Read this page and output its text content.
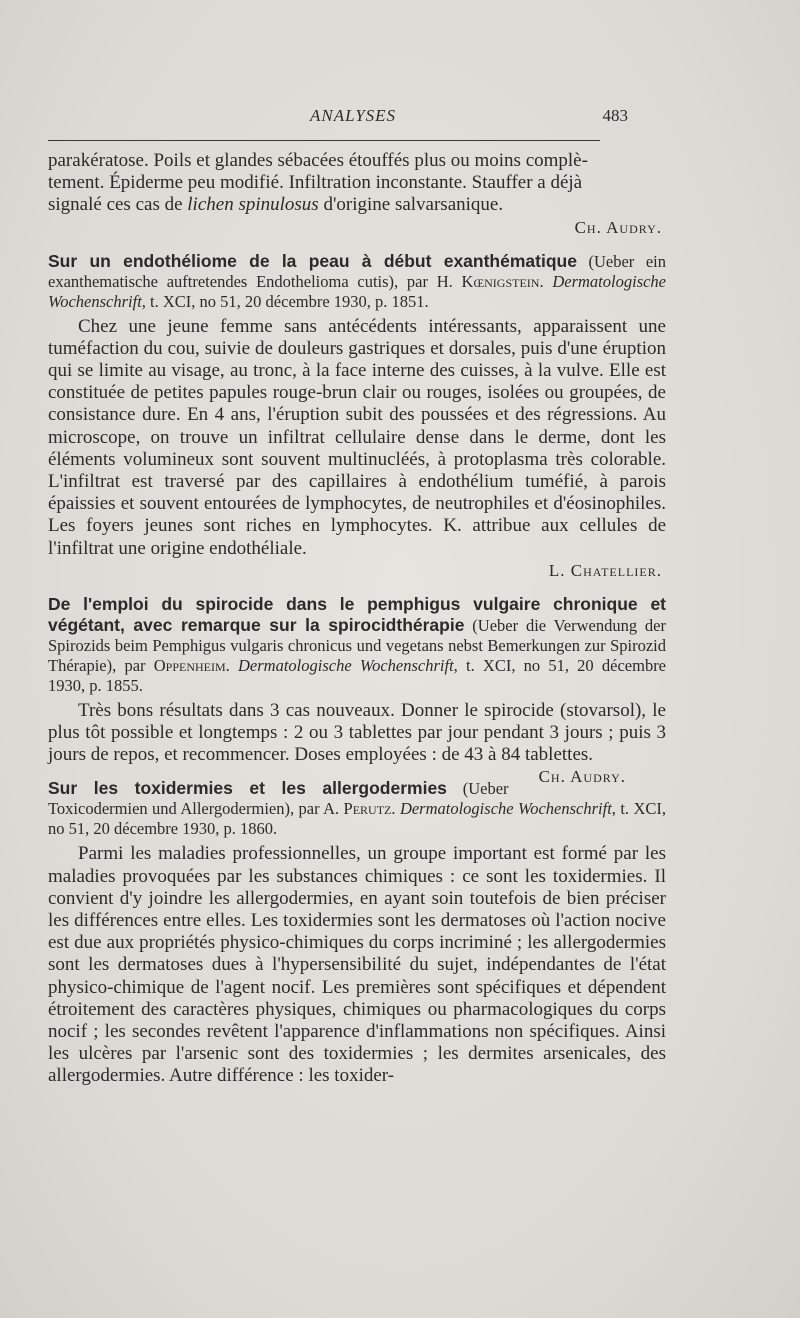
ANALYSES	483

parakératose. Poils et glandes sébacées étouffés plus ou moins complè-

tement. Épiderme peu modifié. Infiltration inconstante. Stauffer a déjà

signalé ces cas de lichen spinulosus d'origine salvarsanique.

Ch. Audry.

Sur un endothéliome de la peau à début exanthématique (Ueber ein exanthematische auftretendes Endothelioma cutis), par H. Kœnigstein. Dermatologische Wochenschrift, t. XCI, no 51, 20 décembre 1930, p. 1851.

Chez une jeune femme sans antécédents intéressants, apparaissent une tuméfaction du cou, suivie de douleurs gastriques et dorsales, puis d'une éruption qui se limite au visage, au tronc, à la face interne des cuisses, à la vulve. Elle est constituée de petites papules rouge-brun clair ou rouges, isolées ou groupées, de consistance dure. En 4 ans, l'éruption subit des poussées et des régressions. Au microscope, on trouve un infiltrat cellulaire dense dans le derme, dont les éléments volumineux sont souvent multinucléés, à protoplasma très colorable. L'infiltrat est traversé par des capillaires à endothélium tuméfié, à parois épaissies et souvent entourées de lymphocytes, de neutrophiles et d'éosinophiles. Les foyers jeunes sont riches en lymphocytes. K. attribue aux cellules de l'infiltrat une origine endothéliale.

L. Chatellier.

De l'emploi du spirocide dans le pemphigus vulgaire chronique et végétant, avec remarque sur la spirocidthérapie (Ueber die Verwendung der Spirozids beim Pemphigus vulgaris chronicus und vegetans nebst Bemerkungen zur Spirozid Thérapie), par Oppenheim. Dermatologische Wochenschrift, t. XCI, no 51, 20 décembre 1930, p. 1855.

Très bons résultats dans 3 cas nouveaux. Donner le spirocide (stovarsol), le plus tôt possible et longtemps : 2 ou 3 tablettes par jour pendant 3 jours ; puis 3 jours de repos, et recommencer. Doses employées : de 43 à 84 tablettes.
Ch. Audry.

Sur les toxidermies et les allergodermies (Ueber Toxicodermien und Allergodermien), par A. Perutz. Dermatologische Wochenschrift, t. XCI, no 51, 20 décembre 1930, p. 1860.

Parmi les maladies professionnelles, un groupe important est formé par les maladies provoquées par les substances chimiques : ce sont les toxidermies. Il convient d'y joindre les allergodermies, en ayant soin toutefois de bien préciser les différences entre elles. Les toxidermies sont les dermatoses où l'action nocive est due aux propriétés physico-chimiques du corps incriminé ; les allergodermies sont les dermatoses dues à l'hypersensibilité du sujet, indépendantes de l'état physico-chimique de l'agent nocif. Les premières sont spécifiques et dépendent étroitement des caractères physiques, chimiques ou pharmacologiques du corps nocif ; les secondes revêtent l'apparence d'inflammations non spécifiques. Ainsi les ulcères par l'arsenic sont des toxidermies ; les dermites arsenicales, des allergodermies. Autre différence : les toxider-
